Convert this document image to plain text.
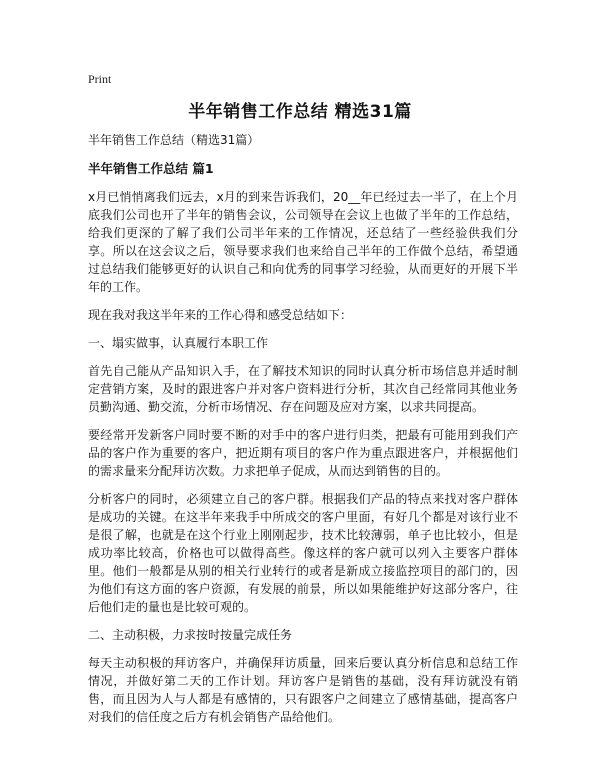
Print
半年销售工作总结 精选31篇

半年销售工作总结（精选31篇）

半年销售工作总结 篇1

x月已悄悄离我们远去，x月的到来告诉我们，20__年已经过去一半了，在上个月底我们公司也开了半年的销售会议，公司领导在会议上也做了半年的工作总结，给我们更深的了解了我们公司半年来的工作情况，还总结了一些经验供我们分享。所以在这会议之后，领导要求我们也来给自己半年的工作做个总结，希望通过总结我们能够更好的认识自己和向优秀的同事学习经验，从而更好的开展下半年的工作。

现在我对我这半年来的工作心得和感受总结如下：

一、塌实做事，认真履行本职工作

首先自己能从产品知识入手，在了解技术知识的同时认真分析市场信息并适时制定营销方案，及时的跟进客户并对客户资料进行分析，其次自己经常同其他业务员勤沟通、勤交流，分析市场情况、存在问题及应对方案，以求共同提高。

要经常开发新客户同时要不断的对手中的客户进行归类，把最有可能用到我们产品的客户作为重要的客户，把近期有项目的客户作为重点跟进客户，并根据他们的需求量来分配拜访次数。力求把单子促成，从而达到销售的目的。

分析客户的同时，必须建立自己的客户群。根据我们产品的特点来找对客户群体是成功的关键。在这半年来我手中所成交的客户里面，有好几个都是对该行业不是很了解，也就是在这个行业上刚刚起步，技术比较薄弱，单子也比较小，但是成功率比较高，价格也可以做得高些。像这样的客户就可以列入主要客户群体里。他们一般都是从别的相关行业转行的或者是新成立接监控项目的部门的，因为他们有这方面的客户资源，有发展的前景，所以如果能维护好这部分客户，往后他们走的量也是比较可观的。

二、主动积极，力求按时按量完成任务

每天主动积极的拜访客户，并确保拜访质量，回来后要认真分析信息和总结工作情况，并做好第二天的工作计划。拜访客户是销售的基础，没有拜访就没有销售，而且因为人与人都是有感情的，只有跟客户之间建立了感情基础，提高客户对我们的信任度之后方有机会销售产品给他们。
